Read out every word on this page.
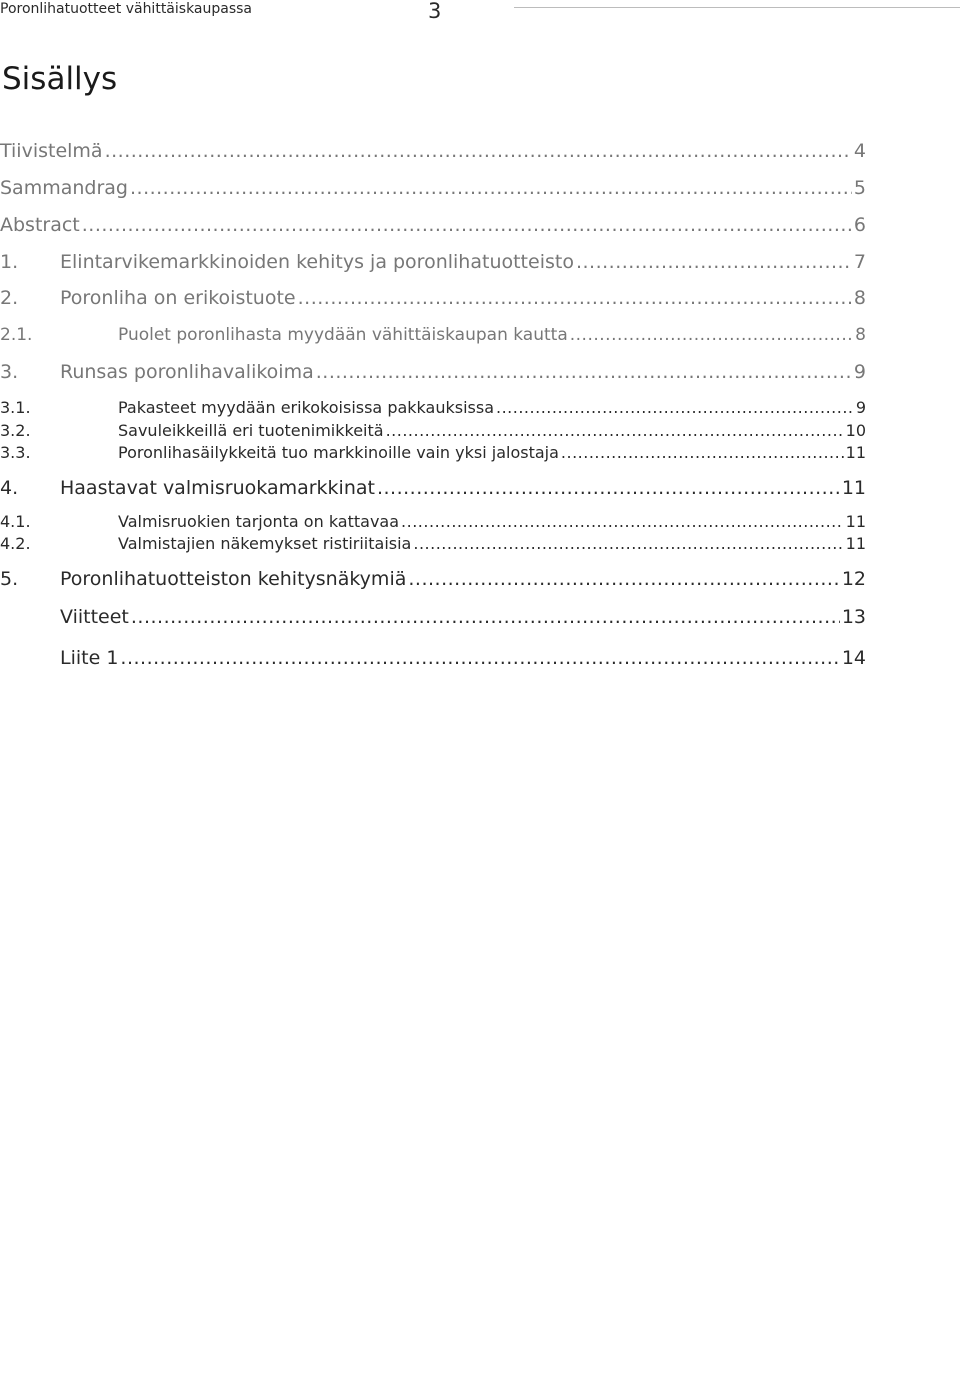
Poronlihatuotteet vähittäiskaupassa	3
Sisällys
Tiivistelmä .....	4
Sammandrag .....	5
Abstract .....	6
1.	Elintarvikemarkkinoiden kehitys ja poronlihatuotteisto .....	7
2.	Poronliha on erikoistuote .....	8
2.1.	Puolet poronlihasta myydään vähittäiskaupan kautta .....	8
3.	Runsas poronlihavalikoima .....	9
3.1.	Pakasteet myydään erikokoisissa pakkauksissa .....	9
3.2.	Savuleikkeillä eri tuotenimikkeitä .....	10
3.3.	Poronlihasäilykkeitä tuo markkinoille vain yksi jalostaja .....	11
4.	Haastavat valmisruokamarkkinat .....	11
4.1.	Valmisruokien tarjonta on kattavaa .....	11
4.2.	Valmistajien näkemykset ristiriitaisia .....	11
5.	Poronlihatuotteiston kehitysnäkymiä .....	12
Viitteet .....	13
Liite 1 .....	14
